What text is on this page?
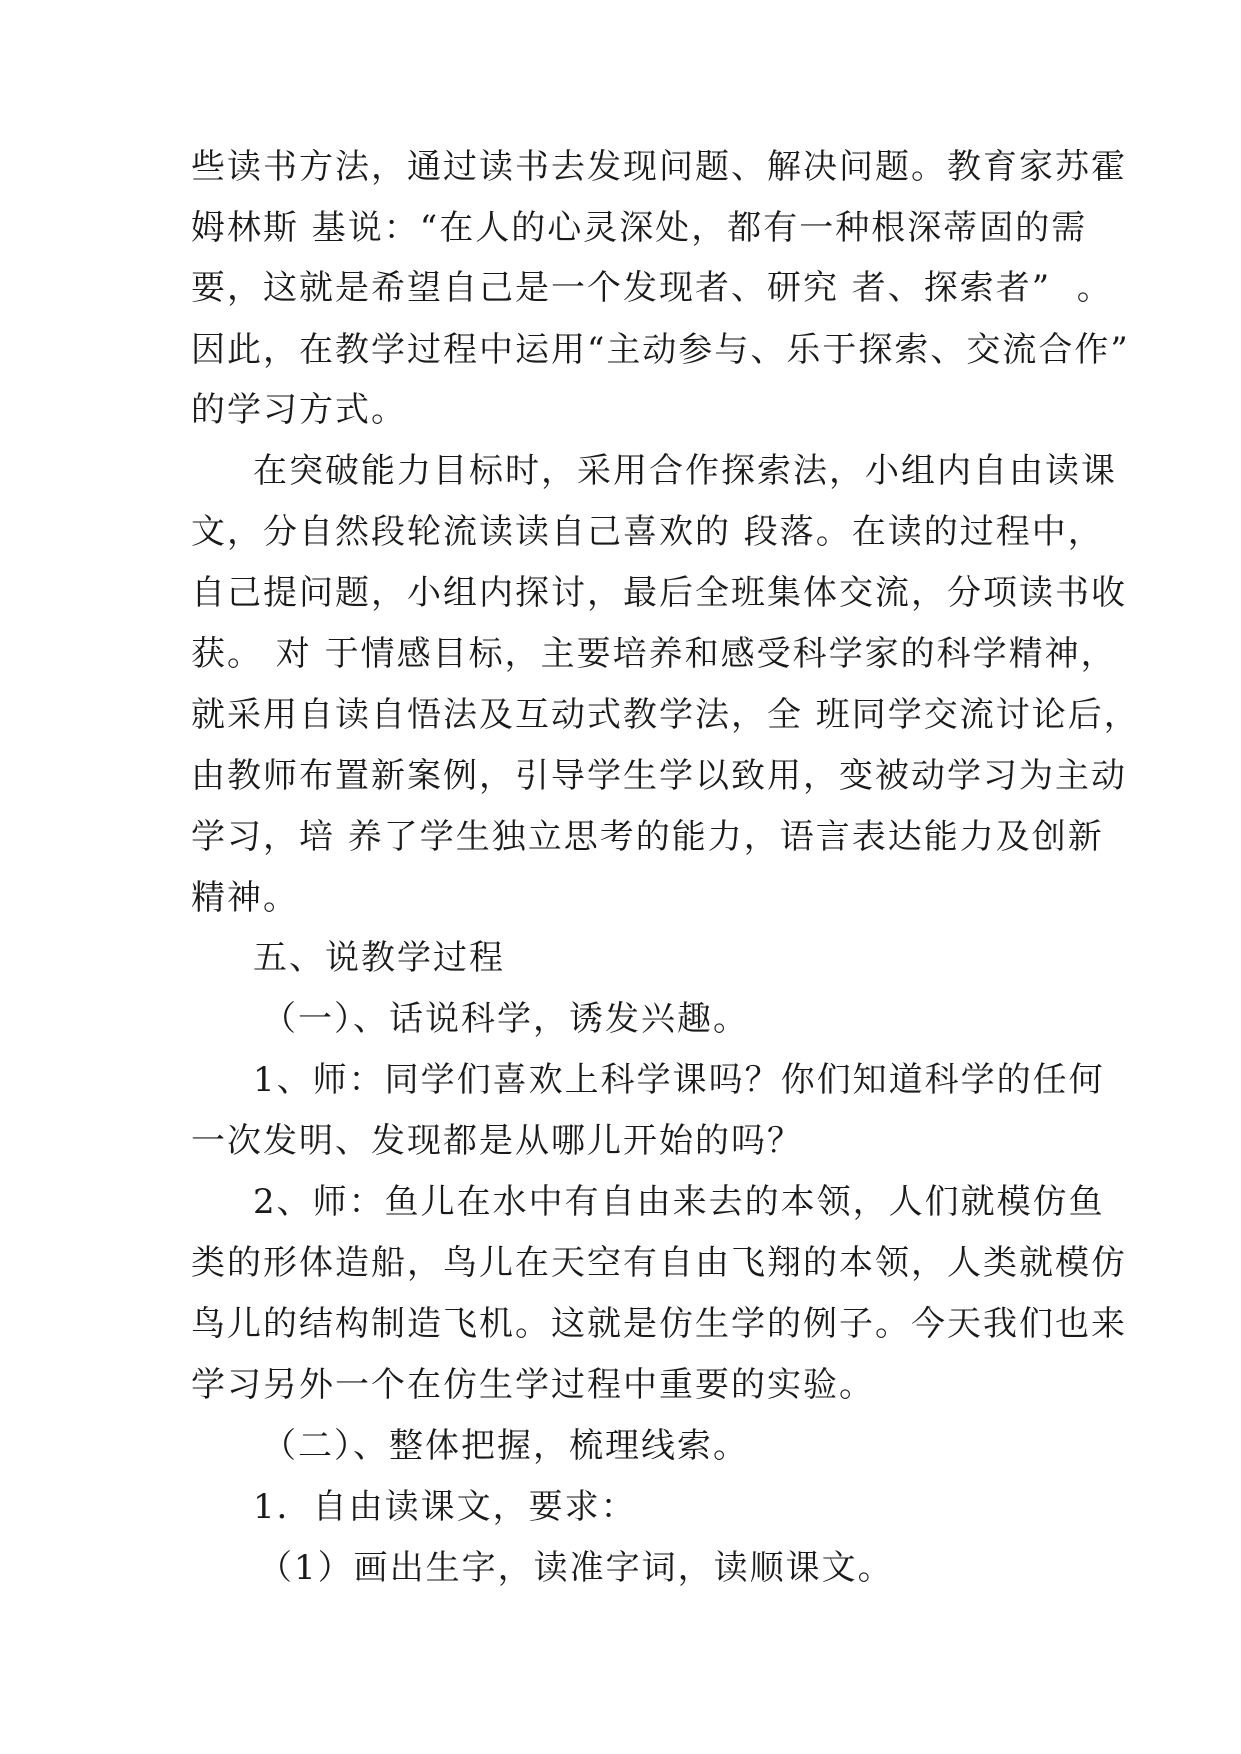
些读书方法，通过读书去发现问题、解决问题。教育家苏霍
姆林斯 基说：“在人的心灵深处，都有一种根深蒂固的需
要，这就是希望自己是一个发现者、研究 者、探索者”  。
因此，在教学过程中运用“主动参与、乐于探索、交流合作”
的学习方式。
在突破能力目标时，采用合作探索法，小组内自由读课
文，分自然段轮流读读自己喜欢的 段落。在读的过程中，
自己提问题，小组内探讨，最后全班集体交流，分项读书收
获。 对 于情感目标，主要培养和感受科学家的科学精神，
就采用自读自悟法及互动式教学法，全 班同学交流讨论后，
由教师布置新案例，引导学生学以致用，变被动学习为主动
学习，培 养了学生独立思考的能力，语言表达能力及创新
精神。
五、说教学过程
（一）、话说科学，诱发兴趣。
1、师：同学们喜欢上科学课吗？你们知道科学的任何
一次发明、发现都是从哪儿开始的吗？
2、师：鱼儿在水中有自由来去的本领，人们就模仿鱼
类的形体造船，鸟儿在天空有自由飞翔的本领，人类就模仿
鸟儿的结构制造飞机。这就是仿生学的例子。今天我们也来
学习另外一个在仿生学过程中重要的实验。
（二）、整体把握，梳理线索。
1．自由读课文，要求：
（1）画出生字，读准字词，读顺课文。
